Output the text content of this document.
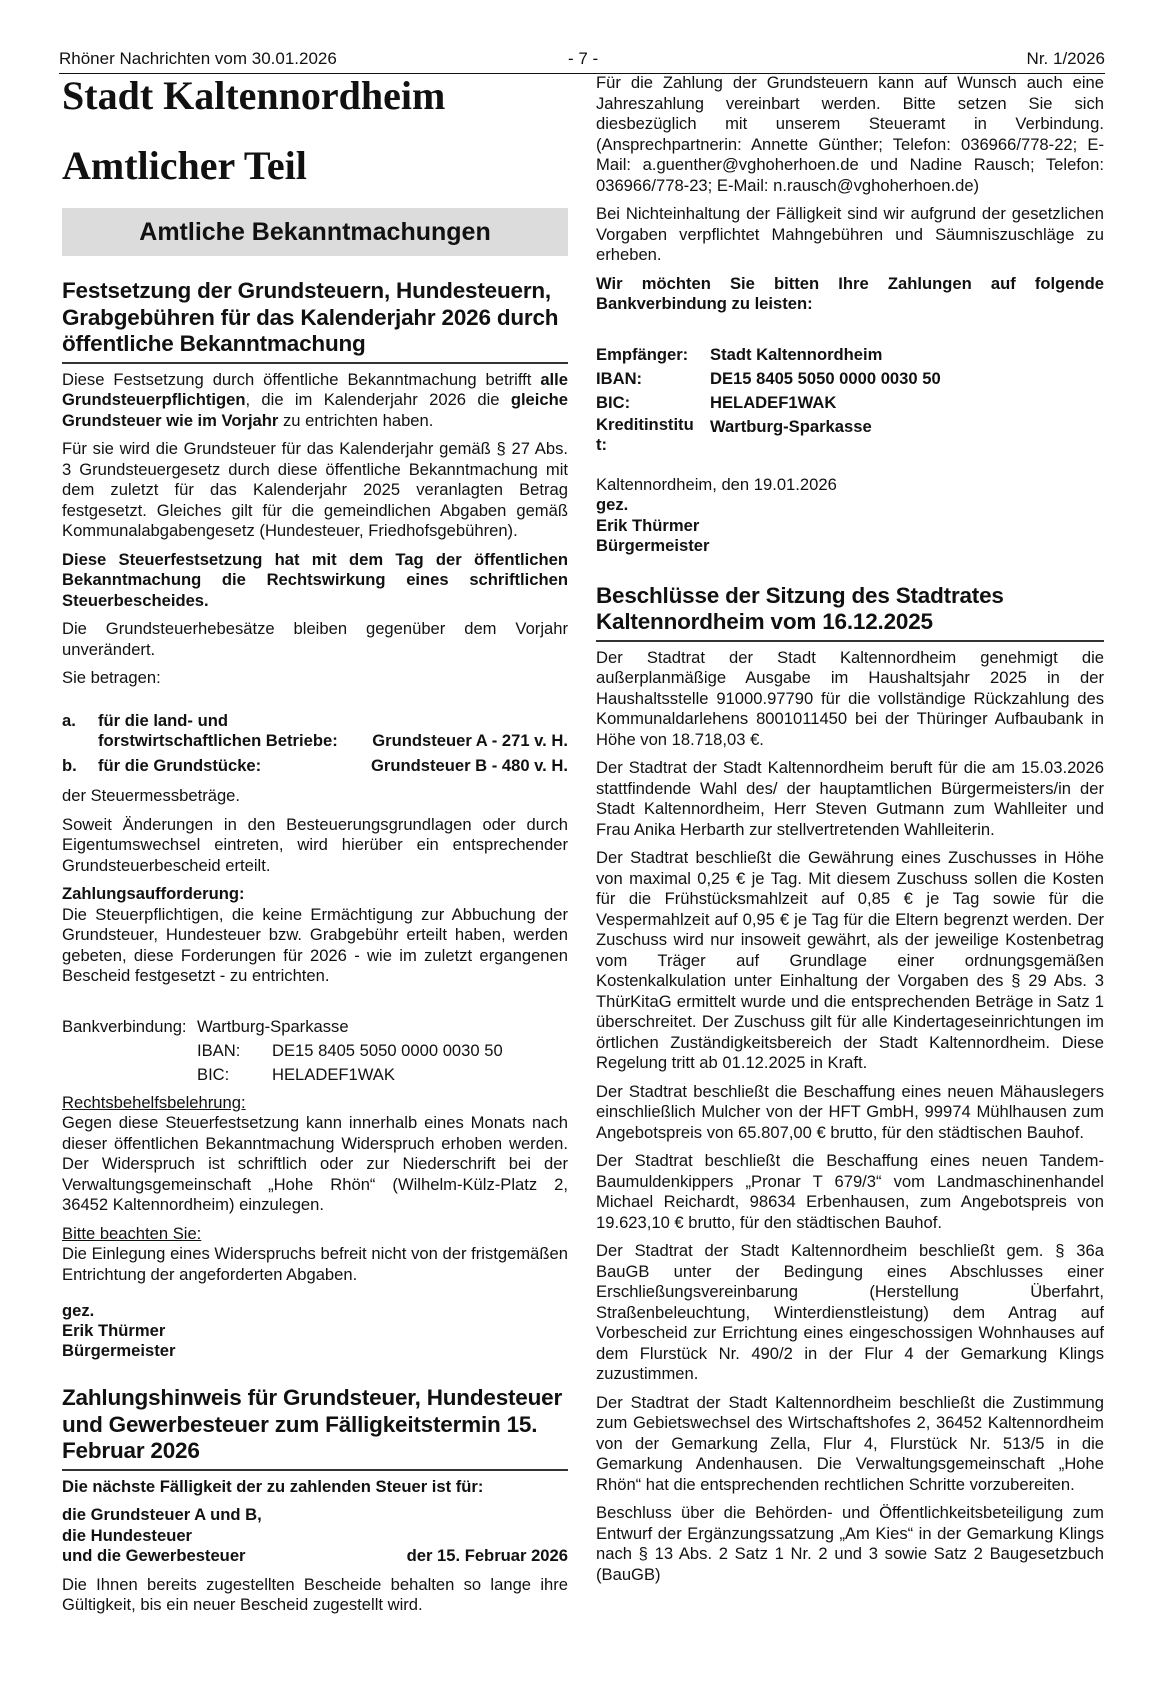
Rhöner Nachrichten vom 30.01.2026	- 7 -	Nr. 1/2026
Stadt Kaltennordheim
Amtlicher Teil
Amtliche Bekanntmachungen
Festsetzung der Grundsteuern, Hundesteuern, Grabgebühren für das Kalenderjahr 2026 durch öffentliche Bekanntmachung

Diese Festsetzung durch öffentliche Bekanntmachung betrifft alle Grundsteuerpflichtigen, die im Kalenderjahr 2026 die gleiche Grundsteuer wie im Vorjahr zu entrichten haben.

Für sie wird die Grundsteuer für das Kalenderjahr gemäß § 27 Abs. 3 Grundsteuergesetz durch diese öffentliche Bekanntmachung mit dem zuletzt für das Kalenderjahr 2025 veranlagten Betrag festgesetzt. Gleiches gilt für die gemeindlichen Abgaben gemäß Kommunalabgabengesetz (Hundesteuer, Friedhofsgebühren).

Diese Steuerfestsetzung hat mit dem Tag der öffentlichen Bekanntmachung die Rechtswirkung eines schriftlichen Steuerbescheides.

Die Grundsteuerhebesätze bleiben gegenüber dem Vorjahr unverändert.

Sie betragen:

a.	für die land- und forstwirtschaftlichen Betriebe:	Grundsteuer A - 271 v. H.
b.	für die Grundstücke:	Grundsteuer B - 480 v. H.

der Steuermessbeträge.

Soweit Änderungen in den Besteuerungsgrundlagen oder durch Eigentumswechsel eintreten, wird hierüber ein entsprechender Grundsteuerbescheid erteilt.

Zahlungsaufforderung:

Die Steuerpflichtigen, die keine Ermächtigung zur Abbuchung der Grundsteuer, Hundesteuer bzw. Grabgebühr erteilt haben, werden gebeten, diese Forderungen für 2026 - wie im zuletzt ergangenen Bescheid festgesetzt - zu entrichten.

Bankverbindung: Wartburg-Sparkasse
IBAN:	DE15 8405 5050 0000 0030 50
BIC:	HELADEF1WAK
Rechtsbehelfsbelehrung:

Gegen diese Steuerfestsetzung kann innerhalb eines Monats nach dieser öffentlichen Bekanntmachung Widerspruch erhoben werden. Der Widerspruch ist schriftlich oder zur Niederschrift bei der Verwaltungsgemeinschaft „Hohe Rhön“ (Wilhelm-Külz-Platz 2, 36452 Kaltennordheim) einzulegen.

Bitte beachten Sie:

Die Einlegung eines Widerspruchs befreit nicht von der fristgemäßen Entrichtung der angeforderten Abgaben.

gez.
Erik Thürmer
Bürgermeister
Zahlungshinweis für Grundsteuer, Hundesteuer und Gewerbesteuer zum Fälligkeitstermin 15. Februar 2026

Die nächste Fälligkeit der zu zahlenden Steuer ist für:

die Grundsteuer A und B,
die Hundesteuer
und die Gewerbesteuer	der 15. Februar 2026

Die Ihnen bereits zugestellten Bescheide behalten so lange ihre Gültigkeit, bis ein neuer Bescheid zugestellt wird.

Für die Zahlung der Grundsteuern kann auf Wunsch auch eine Jahreszahlung vereinbart werden. Bitte setzen Sie sich diesbezüglich mit unserem Steueramt in Verbindung. (Ansprechpartnerin: Annette Günther; Telefon: 036966/778-22; E-Mail: a.guenther@vghoherhoen.de und Nadine Rausch; Telefon: 036966/778-23; E-Mail: n.rausch@vghoherhoen.de)

Bei Nichteinhaltung der Fälligkeit sind wir aufgrund der gesetzlichen Vorgaben verpflichtet Mahngebühren und Säumniszuschläge zu erheben.

Wir möchten Sie bitten Ihre Zahlungen auf folgende Bankverbindung zu leisten:

Empfänger:	Stadt Kaltennordheim
IBAN:	DE15 8405 5050 0000 0030 50
BIC:	HELADEF1WAK
Kreditinstitut:
Wartburg-Sparkasse
Kaltennordheim, den 19.01.2026
gez.
Erik Thürmer
Bürgermeister
Beschlüsse der Sitzung des Stadtrates Kaltennordheim vom 16.12.2025

Der Stadtrat der Stadt Kaltennordheim genehmigt die außerplanmäßige Ausgabe im Haushaltsjahr 2025 in der Haushaltsstelle 91000.97790 für die vollständige Rückzahlung des Kommunaldarlehens 8001011450 bei der Thüringer Aufbaubank in Höhe von 18.718,03 €.

Der Stadtrat der Stadt Kaltennordheim beruft für die am 15.03.2026 stattfindende Wahl des/ der hauptamtlichen Bürgermeisters/in der Stadt Kaltennordheim, Herr Steven Gutmann zum Wahlleiter und Frau Anika Herbarth zur stellvertretenden Wahlleiterin.

Der Stadtrat beschließt die Gewährung eines Zuschusses in Höhe von maximal 0,25 € je Tag. Mit diesem Zuschuss sollen die Kosten für die Frühstücksmahlzeit auf 0,85 € je Tag sowie für die Vespermahlzeit auf 0,95 € je Tag für die Eltern begrenzt werden. Der Zuschuss wird nur insoweit gewährt, als der jeweilige Kostenbetrag vom Träger auf Grundlage einer ordnungsgemäßen Kostenkalkulation unter Einhaltung der Vorgaben des § 29 Abs. 3 ThürKitaG ermittelt wurde und die entsprechenden Beträge in Satz 1 überschreitet. Der Zuschuss gilt für alle Kindertageseinrichtungen im örtlichen Zuständigkeitsbereich der Stadt Kaltennordheim. Diese Regelung tritt ab 01.12.2025 in Kraft.

Der Stadtrat beschließt die Beschaffung eines neuen Mähauslegers einschließlich Mulcher von der HFT GmbH, 99974 Mühlhausen zum Angebotspreis von 65.807,00 € brutto, für den städtischen Bauhof.

Der Stadtrat beschließt die Beschaffung eines neuen Tandem-Baumuldenkippers „Pronar T 679/3“ vom Landmaschinenhandel Michael Reichardt, 98634 Erbenhausen, zum Angebotspreis von 19.623,10 € brutto, für den städtischen Bauhof.

Der Stadtrat der Stadt Kaltennordheim beschließt gem. § 36a BauGB unter der Bedingung eines Abschlusses einer Erschließungsvereinbarung (Herstellung Überfahrt, Straßenbeleuchtung, Winterdienstleistung) dem Antrag auf Vorbescheid zur Errichtung eines eingeschossigen Wohnhauses auf dem Flurstück Nr. 490/2 in der Flur 4 der Gemarkung Klings zuzustimmen.

Der Stadtrat der Stadt Kaltennordheim beschließt die Zustimmung zum Gebietswechsel des Wirtschaftshofes 2, 36452 Kaltennordheim von der Gemarkung Zella, Flur 4, Flurstück Nr. 513/5 in die Gemarkung Andenhausen. Die Verwaltungsgemeinschaft „Hohe Rhön“ hat die entsprechenden rechtlichen Schritte vorzubereiten.

Beschluss über die Behörden- und Öffentlichkeitsbeteiligung zum Entwurf der Ergänzungssatzung „Am Kies“ in der Gemarkung Klings nach § 13 Abs. 2 Satz 1 Nr. 2 und 3 sowie Satz 2 Baugesetzbuch (BauGB)
